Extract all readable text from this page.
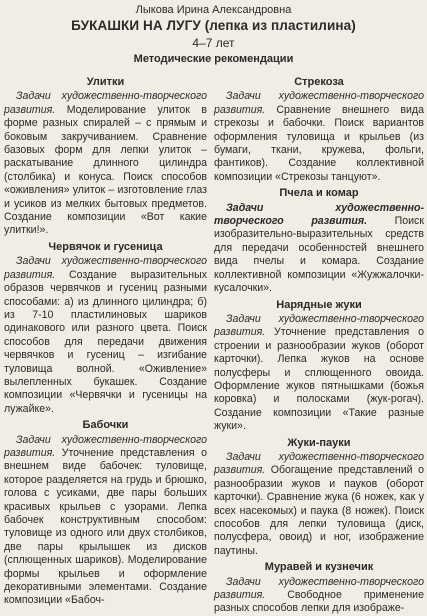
Лыкова Ирина Александровна
БУКАШКИ НА ЛУГУ (лепка из пластилина)
4–7 лет
Методические рекомендации
Улитки

Задачи художественно-творческого развития. Моделирование улиток в форме разных спиралей – с прямым и боковым закручиванием. Сравнение базовых форм для лепки улиток – раскатывание длинного цилиндра (столбика) и конуса. Поиск способов «оживления» улиток – изготовление глаз и усиков из мелких бытовых предметов. Создание композиции «Вот какие улитки!».

Червячок и гусеница

Задачи художественно-творческого развития. Создание выразительных образов червячков и гусениц разными способами: а) из длинного цилиндра; б) из 7-10 пластилиновых шариков одинакового или разного цвета. Поиск способов для передачи движения червячков и гусениц – изгибание туловища волной. «Оживление» вылепленных букашек. Создание композиции «Червячки и гусеницы на лужайке».

Бабочки

Задачи художественно-творческого развития. Уточнение представления о внешнем виде бабочек: туловище, которое разделяется на грудь и брюшко, голова с усиками, две пары больших красивых крыльев с узорами. Лепка бабочек конструктивным способом: туловище из одного или двух столбиков, две пары крылышек из дисков (сплющенных шариков). Моделирование формы крыльев и оформление декоративными элементами. Создание композиции «Бабоч-

Стрекоза

Задачи художественно-творческого развития. Сравнение внешнего вида стрекозы и бабочки. Поиск вариантов оформления туловища и крыльев (из бумаги, ткани, кружева, фольги, фантиков). Создание коллективной композиции «Стрекозы танцуют».

Пчела и комар

Задачи художественно-творческого развития. Поиск изобразительно-выразительных средств для передачи особенностей внешнего вида пчелы и комара. Создание коллективной композиции «Жужжалочки-кусалочки».

Нарядные жуки

Задачи художественно-творческого развития. Уточнение представления о строении и разнообразии жуков (оборот карточки). Лепка жуков на основе полусферы и сплющенного овоида. Оформление жуков пятнышками (божья коровка) и полосками (жук-рогач). Создание композиции «Такие разные жуки».

Жуки-пауки

Задачи художественно-творческого развития. Обогащение представлений о разнообразии жуков и пауков (оборот карточки). Сравнение жука (6 ножек, как у всех насекомых) и паука (8 ножек). Поиск способов для лепки туловища (диск, полусфера, овоид) и ног, изображение паутины.

Муравей и кузнечик

Задачи художественно-творческого развития. Свободное применение разных способов лепки для изображе-
